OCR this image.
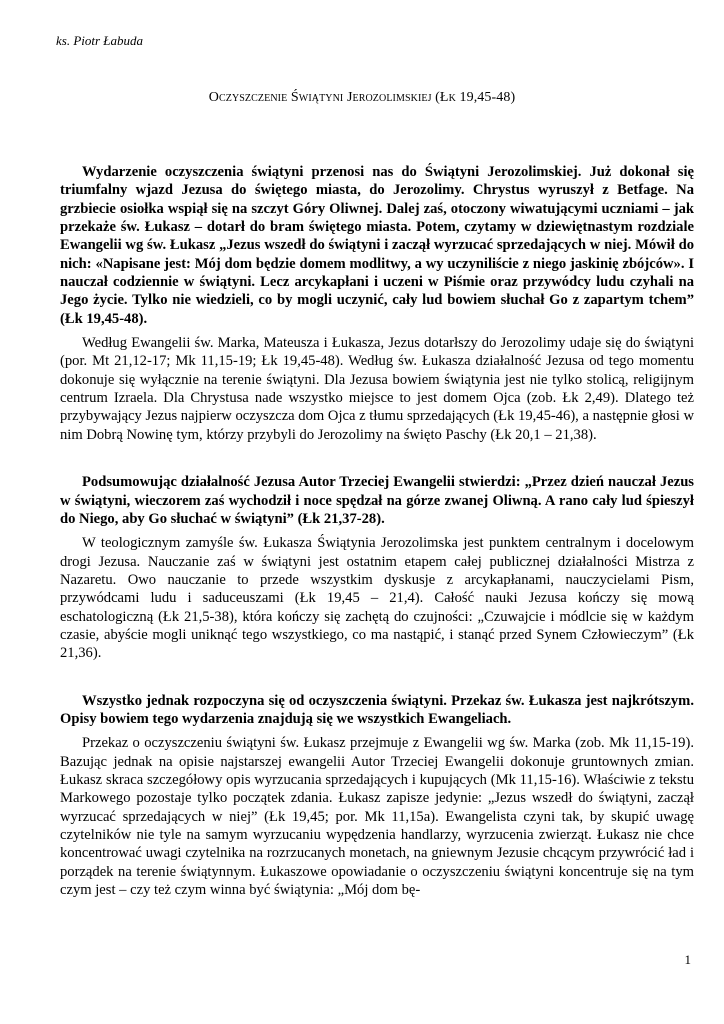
ks. Piotr Łabuda
Oczyszczenie Świątyni Jerozolimskiej (Łk 19,45-48)

Wydarzenie oczyszczenia świątyni przenosi nas do Świątyni Jerozolimskiej. Już dokonał się triumfalny wjazd Jezusa do świętego miasta, do Jerozolimy. Chrystus wyruszył z Betfage. Na grzbiecie osiołka wspiął się na szczyt Góry Oliwnej. Dalej zaś, otoczony wiwatującymi uczniami – jak przekaże św. Łukasz – dotarł do bram świętego miasta. Potem, czytamy w dziewiętnastym rozdziale Ewangelii wg św. Łukasz „Jezus wszedł do świątyni i zaczął wyrzucać sprzedających w niej. Mówił do nich: «Napisane jest: Mój dom będzie domem modlitwy, a wy uczyniliście z niego jaskinię zbójców». I nauczał codziennie w świątyni. Lecz arcykapłani i uczeni w Piśmie oraz przywódcy ludu czyhali na Jego życie. Tylko nie wiedzieli, co by mogli uczynić, cały lud bowiem słuchał Go z zapartym tchem” (Łk 19,45-48).

Według Ewangelii św. Marka, Mateusza i Łukasza, Jezus dotarłszy do Jerozolimy udaje się do świątyni (por. Mt 21,12-17; Mk 11,15-19; Łk 19,45-48). Według św. Łukasza działalność Jezusa od tego momentu dokonuje się wyłącznie na terenie świątyni. Dla Jezusa bowiem świątynia jest nie tylko stolicą, religijnym centrum Izraela. Dla Chrystusa nade wszystko miejsce to jest domem Ojca (zob. Łk 2,49). Dlatego też przybywający Jezus najpierw oczyszcza dom Ojca z tłumu sprzedających (Łk 19,45-46), a następnie głosi w nim Dobrą Nowinę tym, którzy przybyli do Jerozolimy na święto Paschy (Łk 20,1 – 21,38).

Podsumowując działalność Jezusa Autor Trzeciej Ewangelii stwierdzi: „Przez dzień nauczał Jezus w świątyni, wieczorem zaś wychodził i noce spędzał na górze zwanej Oliwną. A rano cały lud śpieszył do Niego, aby Go słuchać w świątyni” (Łk 21,37-28).

W teologicznym zamyśle św. Łukasza Świątynia Jerozolimska jest punktem centralnym i docelowym drogi Jezusa. Nauczanie zaś w świątyni jest ostatnim etapem całej publicznej działalności Mistrza z Nazaretu. Owo nauczanie to przede wszystkim dyskusje z arcykapłanami, nauczycielami Pism, przywódcami ludu i saduceuszami (Łk 19,45 – 21,4). Całość nauki Jezusa kończy się mową eschatologiczną (Łk 21,5-38), która kończy się zachętą do czujności: „Czuwajcie i módlcie się w każdym czasie, abyście mogli uniknąć tego wszystkiego, co ma nastąpić, i stanąć przed Synem Człowieczym” (Łk 21,36).

Wszystko jednak rozpoczyna się od oczyszczenia świątyni. Przekaz św. Łukasza jest najkrótszym. Opisy bowiem tego wydarzenia znajdują się we wszystkich Ewangeliach.

Przekaz o oczyszczeniu świątyni św. Łukasz przejmuje z Ewangelii wg św. Marka (zob. Mk 11,15-19). Bazując jednak na opisie najstarszej ewangelii Autor Trzeciej Ewangelii dokonuje gruntownych zmian. Łukasz skraca szczegółowy opis wyrzucania sprzedających i kupujących (Mk 11,15-16). Właściwie z tekstu Markowego pozostaje tylko początek zdania. Łukasz zapisze jedynie: „Jezus wszedł do świątyni, zaczął wyrzucać sprzedających w niej” (Łk 19,45; por. Mk 11,15a). Ewangelista czyni tak, by skupić uwagę czytelników nie tyle na samym wyrzucaniu wypędzenia handlarzy, wyrzucenia zwierząt. Łukasz nie chce koncentrować uwagi czytelnika na rozrzucanych monetach, na gniewnym Jezusie chcącym przywrócić ład i porządek na terenie świątynnym. Łukaszowe opowiadanie o oczyszczeniu świątyni koncentruje się na tym czym jest – czy też czym winna być świątynia: „Mój dom bę-

1
